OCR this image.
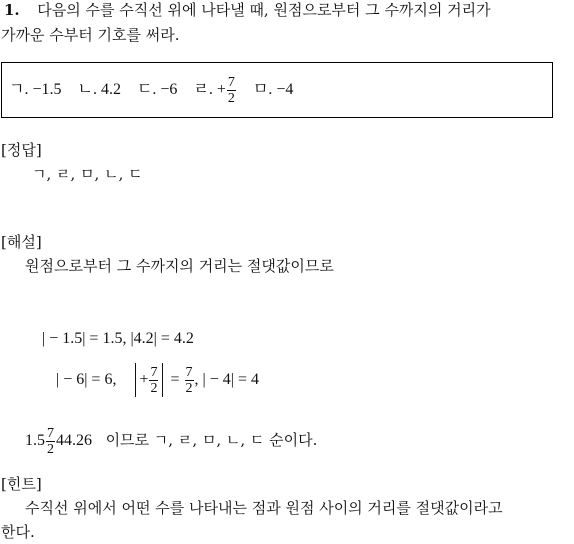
1. 다음의 수를 수직선 위에 나타낼 때, 원점으로부터 그 수까지의 거리가
가까운 수부터 기호를 써라.
ㄱ. −1.5 ㄴ. 4.2 ㄷ. −6 ㄹ. + $\frac{7}{2}$ ㅁ. −4
[정답]
ㄱ, ㄹ, ㅁ, ㄴ, ㄷ
[해설]
원점으로부터 그 수까지의 거리는 절댓값이므로
| − 1.5| = 1.5, |4.2| = 4.2
| − 6| = 6, + $\frac{7}{2} = \frac{7}{2}$ , | − 4| = 4
$1.5 \frac{7}{2} 44.26$ 이므로 ㄱ, ㄹ, ㅁ, ㄴ, ㄷ 순이다.
[힌트]
수직선 위에서 어떤 수를 나타내는 점과 원점 사이의 거리를 절댓값이라고
한다.
